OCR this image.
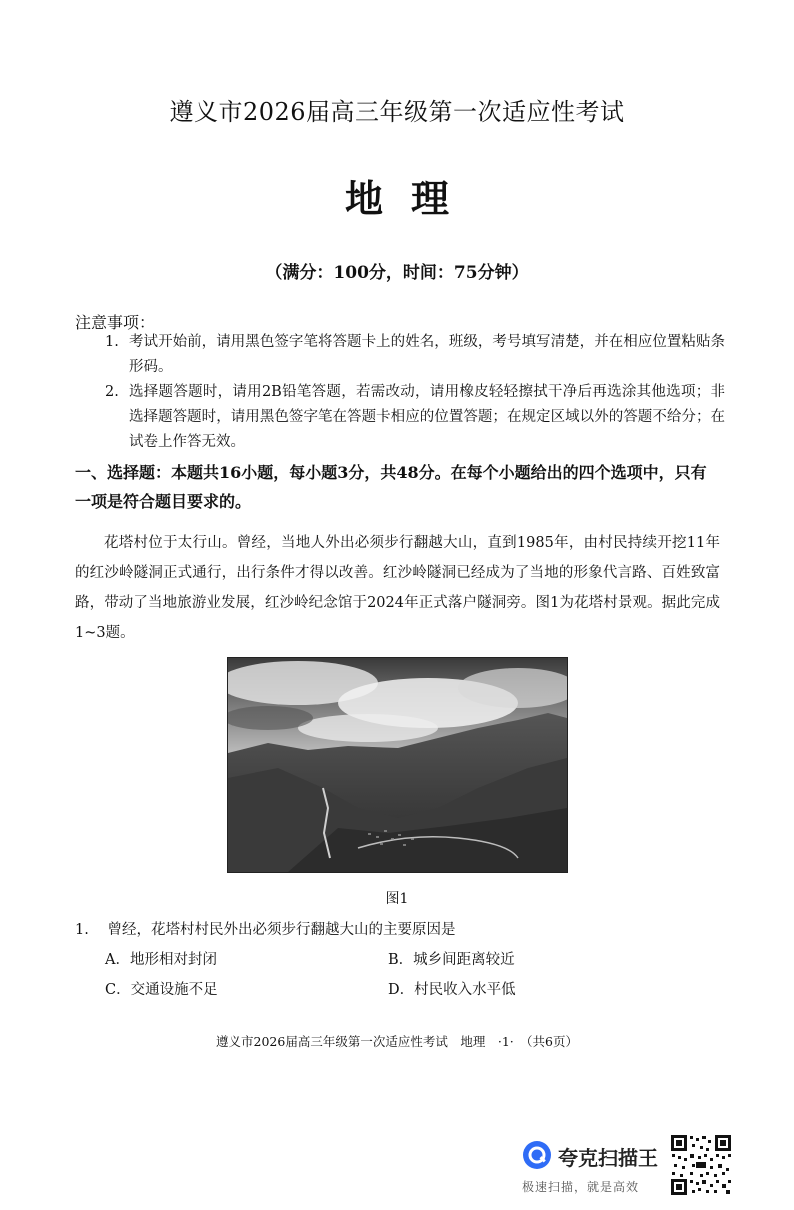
遵义市2026届高三年级第一次适应性考试
地理
（满分：100分，时间：75分钟）
注意事项：
1. 考试开始前，请用黑色签字笔将答题卡上的姓名，班级，考号填写清楚，并在相应位置粘贴条形码。
2. 选择题答题时，请用2B铅笔答题，若需改动，请用橡皮轻轻擦拭干净后再选涂其他选项；非选择题答题时，请用黑色签字笔在答题卡相应的位置答题；在规定区域以外的答题不给分；在试卷上作答无效。
一、选择题：本题共16小题，每小题3分，共48分。在每个小题给出的四个选项中，只有一项是符合题目要求的。
花塔村位于太行山。曾经，当地人外出必须步行翻越大山，直到1985年，由村民持续开挖11年的红沙岭隧洞正式通行，出行条件才得以改善。红沙岭隧洞已经成为了当地的形象代言路、百姓致富路，带动了当地旅游业发展，红沙岭纪念馆于2024年正式落户隧洞旁。图1为花塔村景观。据此完成1~3题。
图1
1. 曾经，花塔村村民外出必须步行翻越大山的主要原因是
A．地形相对封闭	B．城乡间距离较近
C．交通设施不足	D．村民收入水平低
遵义市2026届高三年级第一次适应性考试　地理　·1·　（共6页）
夸克扫描王
极速扫描，就是高效
